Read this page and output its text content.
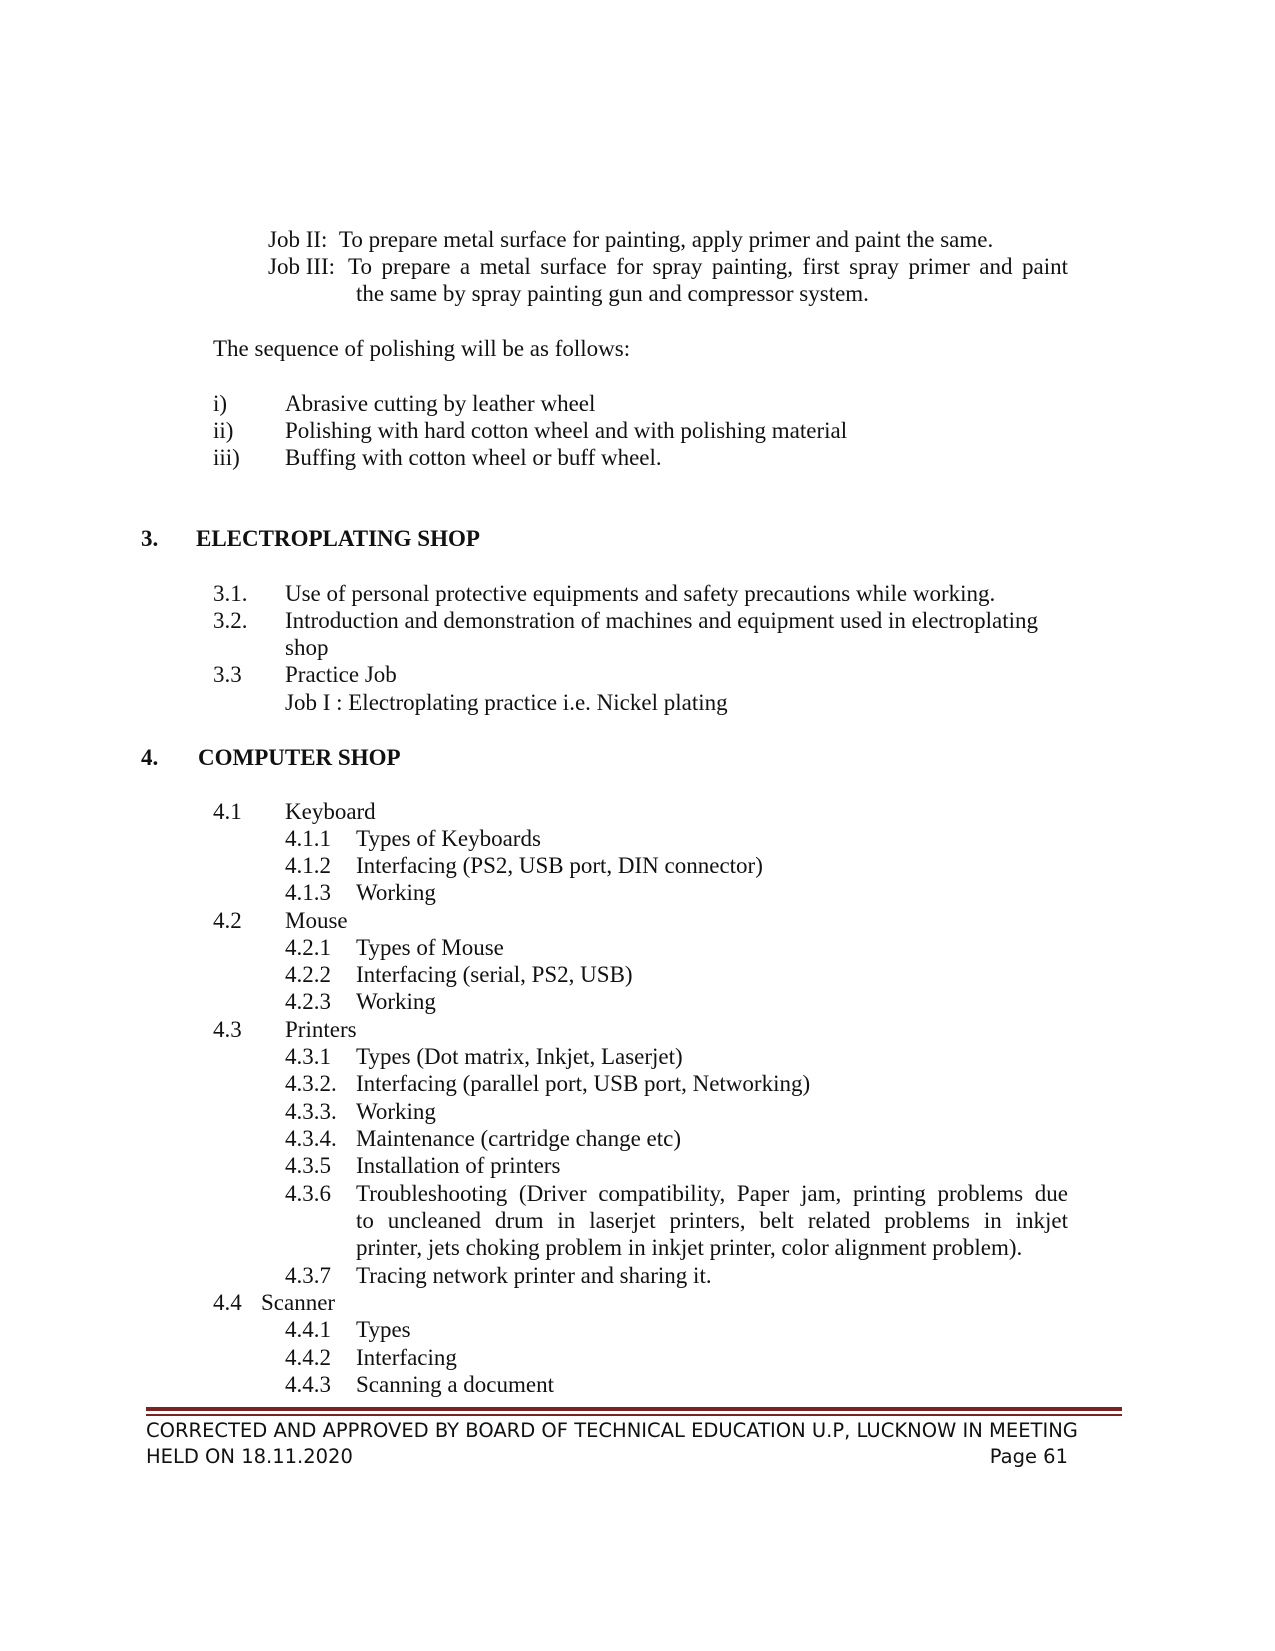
Job II: To prepare metal surface for painting, apply primer and paint the same.
Job III: To prepare a metal surface for spray painting, first spray primer and paint
the same by spray painting gun and compressor system.
The sequence of polishing will be as follows:
i)	Abrasive cutting by leather wheel
ii) Polishing with hard cotton wheel and with polishing material
iii) Buffing with cotton wheel or buff wheel.
3. ELECTROPLATING SHOP
3.1. Use of personal protective equipments and safety precautions while working.
3.2. Introduction and demonstration of machines and equipment used in electroplating
shop
3.3 Practice Job
Job I : Electroplating practice i.e. Nickel plating
4. COMPUTER SHOP
4.1 Keyboard
4.1.1 Types of Keyboards
4.1.2 Interfacing (PS2, USB port, DIN connector)
4.1.3 Working
4.2 Mouse
4.2.1 Types of Mouse
4.2.2 Interfacing (serial, PS2, USB)
4.2.3 Working
4.3 Printers
4.3.1 Types (Dot matrix, Inkjet, Laserjet)
4.3.2. Interfacing (parallel port, USB port, Networking)
4.3.3. Working
4.3.4. Maintenance (cartridge change etc)
4.3.5 Installation of printers
4.3.6 Troubleshooting (Driver compatibility, Paper jam, printing problems due
to uncleaned drum in laserjet printers, belt related problems in inkjet
printer, jets choking problem in inkjet printer, color alignment problem).
4.3.7 Tracing network printer and sharing it.
4.4 Scanner
4.4.1 Types
4.4.2 Interfacing
4.4.3 Scanning a document
CORRECTED AND APPROVED BY BOARD OF TECHNICAL EDUCATION U.P, LUCKNOW IN MEETING
HELD ON 18.11.2020	Page 61
